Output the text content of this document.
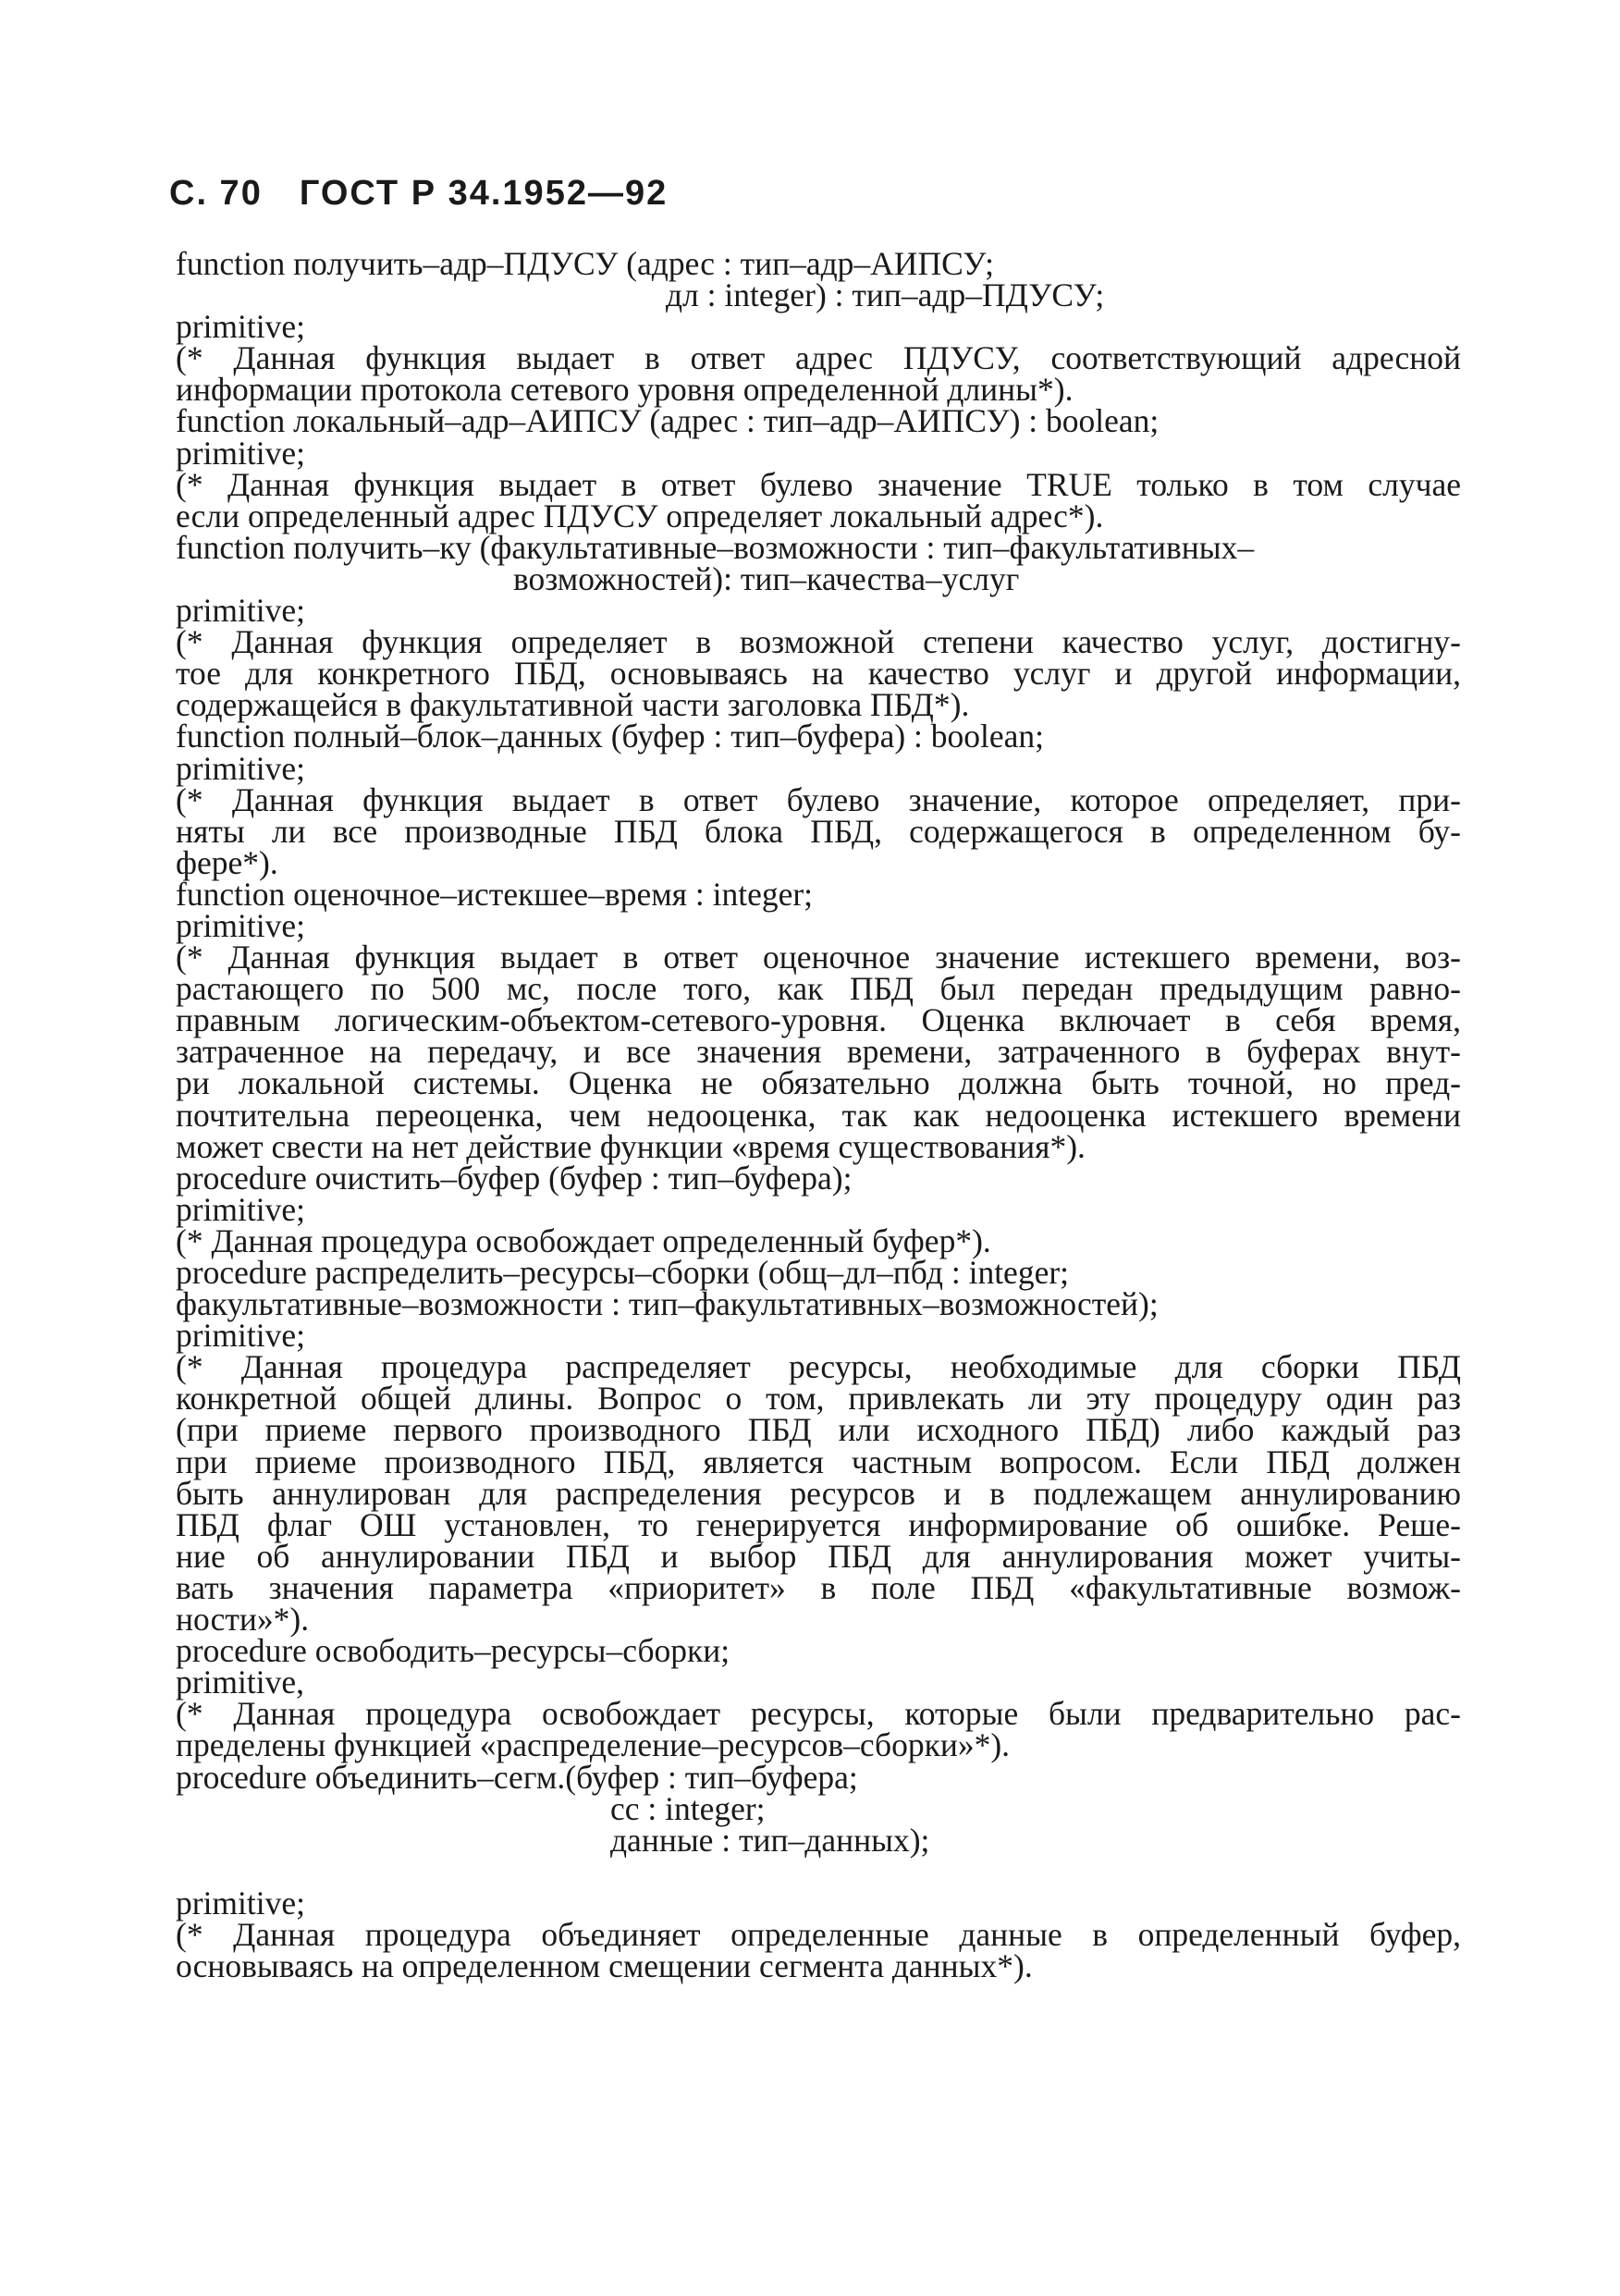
С. 70 ГОСТ Р 34.1952—92
function получить–адр–ПДУСУ (адрес : тип–адр–АИПСУ;
дл : integer) : тип–адр–ПДУСУ;
primitive;
(* Данная функция выдает в ответ адрес ПДУСУ, соответствующий адресной
информации протокола сетевого уровня определенной длины*).
function локальный–адр–АИПСУ (адрес : тип–адр–АИПСУ) : boolean;
primitive;
(* Данная функция выдает в ответ булево значение TRUE только в том случае
если определенный адрес ПДУСУ определяет локальный адрес*).
function получить–ку (факультативные–возможности : тип–факультативных–
возможностей): тип–качества–услуг
primitive;
(* Данная функция определяет в возможной степени качество услуг, достигну-
тое для конкретного ПБД, основываясь на качество услуг и другой информации,
содержащейся в факультативной части заголовка ПБД*).
function полный–блок–данных (буфер : тип–буфера) : boolean;
primitive;
(* Данная функция выдает в ответ булево значение, которое определяет, при-
няты ли все производные ПБД блока ПБД, содержащегося в определенном бу-
фере*).
function оценочное–истекшее–время : integer;
primitive;
(* Данная функция выдает в ответ оценочное значение истекшего времени, воз-
растающего по 500 мс, после того, как ПБД был передан предыдущим равно-
правным логическим-объектом-сетевого-уровня. Оценка включает в себя время,
затраченное на передачу, и все значения времени, затраченного в буферах внут-
ри локальной системы. Оценка не обязательно должна быть точной, но пред-
почтительна переоценка, чем недооценка, так как недооценка истекшего времени
может свести на нет действие функции «время существования*).
procedure очистить–буфер (буфер : тип–буфера);
primitive;
(* Данная процедура освобождает определенный буфер*).
procedure распределить–ресурсы–сборки (общ–дл–пбд : integer;
факультативные–возможности : тип–факультативных–возможностей);
primitive;
(* Данная процедура распределяет ресурсы, необходимые для сборки ПБД
конкретной общей длины. Вопрос о том, привлекать ли эту процедуру один раз
(при приеме первого производного ПБД или исходного ПБД) либо каждый раз
при приеме производного ПБД, является частным вопросом. Если ПБД должен
быть аннулирован для распределения ресурсов и в подлежащем аннулированию
ПБД флаг ОШ установлен, то генерируется информирование об ошибке. Реше-
ние об аннулировании ПБД и выбор ПБД для аннулирования может учиты-
вать значения параметра «приоритет» в поле ПБД «факультативные возмож-
ности»*).
procedure освободить–ресурсы–сборки;
primitive,
(* Данная процедура освобождает ресурсы, которые были предварительно рас-
пределены функцией «распределение–ресурсов–сборки»*).
procedure объединить–сегм.(буфер : тип–буфера;
сс : integer;
данные : тип–данных);

primitive;
(* Данная процедура объединяет определенные данные в определенный буфер,
основываясь на определенном смещении сегмента данных*).
